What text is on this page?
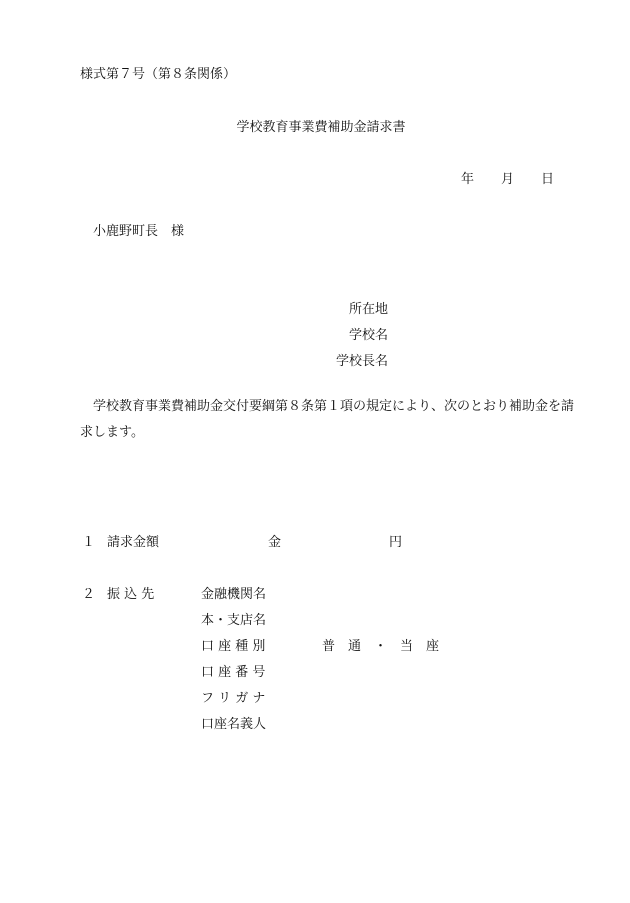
様式第７号（第８条関係）
学校教育事業費補助金請求書
年 月 日
小鹿野町長　様
所在地
学校名
学校長名
学校教育事業費補助金交付要綱第８条第１項の規定により、次のとおり補助金を請求します。
１ 請求金額	金	円
２ 振 込 先	金融機関名
本・支店名
口 座 種 別	普　通　・　当　座
口 座 番 号
フ リ ガ ナ
口座名義人
